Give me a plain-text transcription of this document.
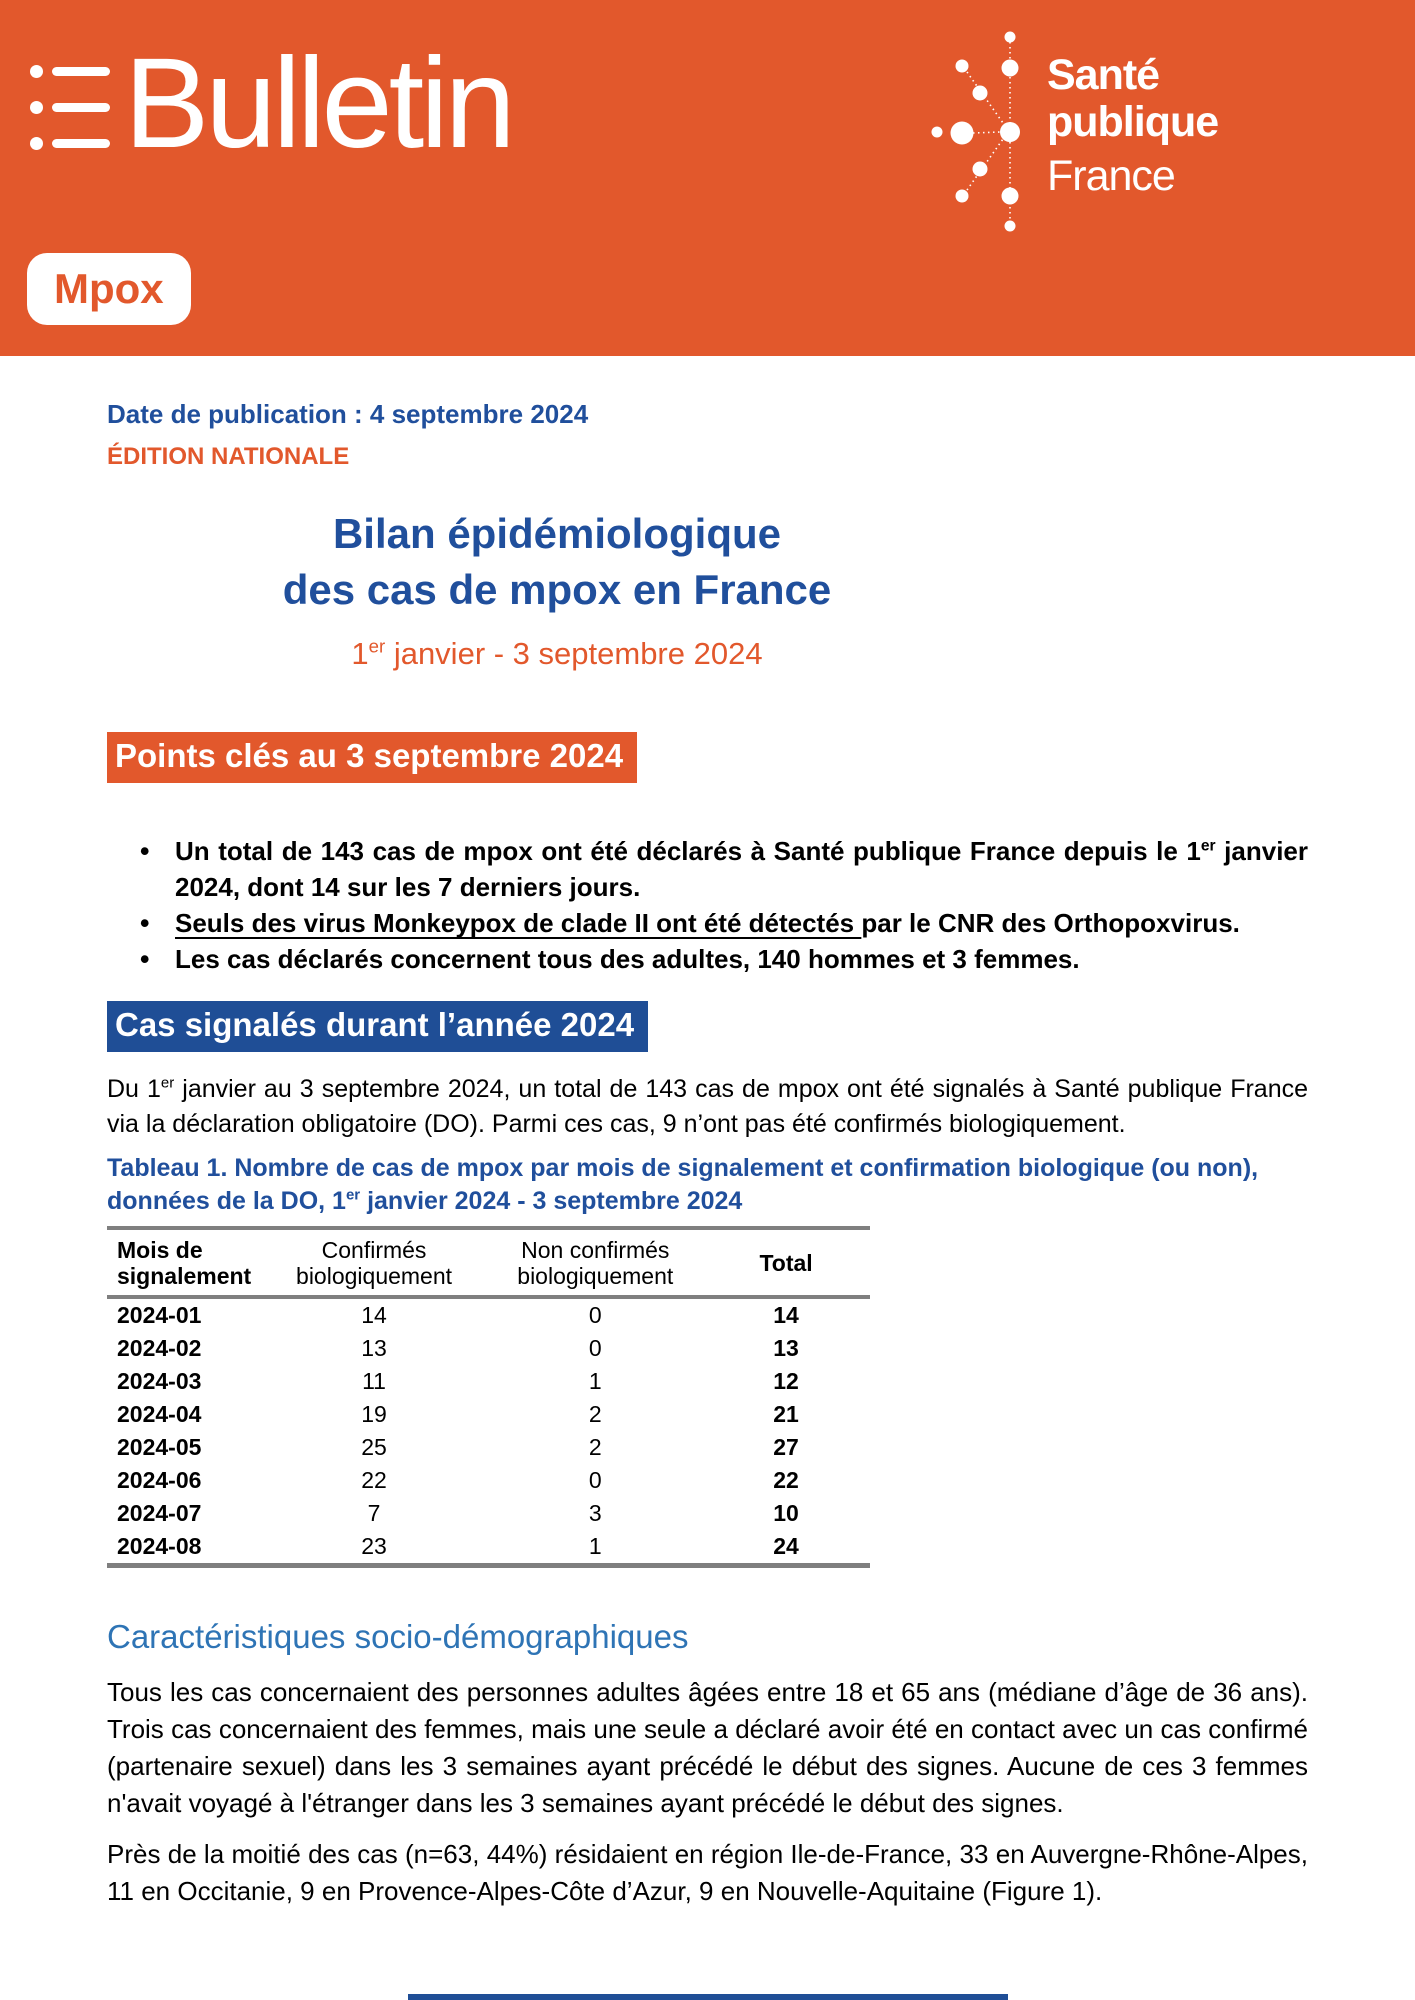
Bulletin	Santé
publique
France
Mpox
Date de publication : 4 septembre 2024
ÉDITION NATIONALE
Bilan épidémiologique
des cas de mpox en France
1er janvier - 3 septembre 2024
Points clés au 3 septembre 2024
• Un total de 143 cas de mpox ont été déclarés à Santé publique France depuis le 1er janvier 2024, dont 14 sur les 7 derniers jours.
• Seuls des virus Monkeypox de clade II ont été détectés par le CNR des Orthopoxvirus.
• Les cas déclarés concernent tous des adultes, 140 hommes et 3 femmes.
Cas signalés durant l’année 2024
Du 1er janvier au 3 septembre 2024, un total de 143 cas de mpox ont été signalés à Santé publique France via la déclaration obligatoire (DO). Parmi ces cas, 9 n’ont pas été confirmés biologiquement.
Tableau 1. Nombre de cas de mpox par mois de signalement et confirmation biologique (ou non),
données de la DO, 1er janvier 2024 - 3 septembre 2024
Mois de signalement	Confirmés biologiquement	Non confirmés biologiquement	Total
2024-01	14	0	14
2024-02	13	0	13
2024-03	11	1	12
2024-04	19	2	21
2024-05	25	2	27
2024-06	22	0	22
2024-07	7	3	10
2024-08	23	1	24
Caractéristiques socio-démographiques
Tous les cas concernaient des personnes adultes âgées entre 18 et 65 ans (médiane d’âge de 36 ans). Trois cas concernaient des femmes, mais une seule a déclaré avoir été en contact avec un cas confirmé (partenaire sexuel) dans les 3 semaines ayant précédé le début des signes. Aucune de ces 3 femmes n'avait voyagé à l'étranger dans les 3 semaines ayant précédé le début des signes.
Près de la moitié des cas (n=63, 44%) résidaient en région Ile-de-France, 33 en Auvergne-Rhône-Alpes, 11 en Occitanie, 9 en Provence-Alpes-Côte d’Azur, 9 en Nouvelle-Aquitaine (Figure 1).
